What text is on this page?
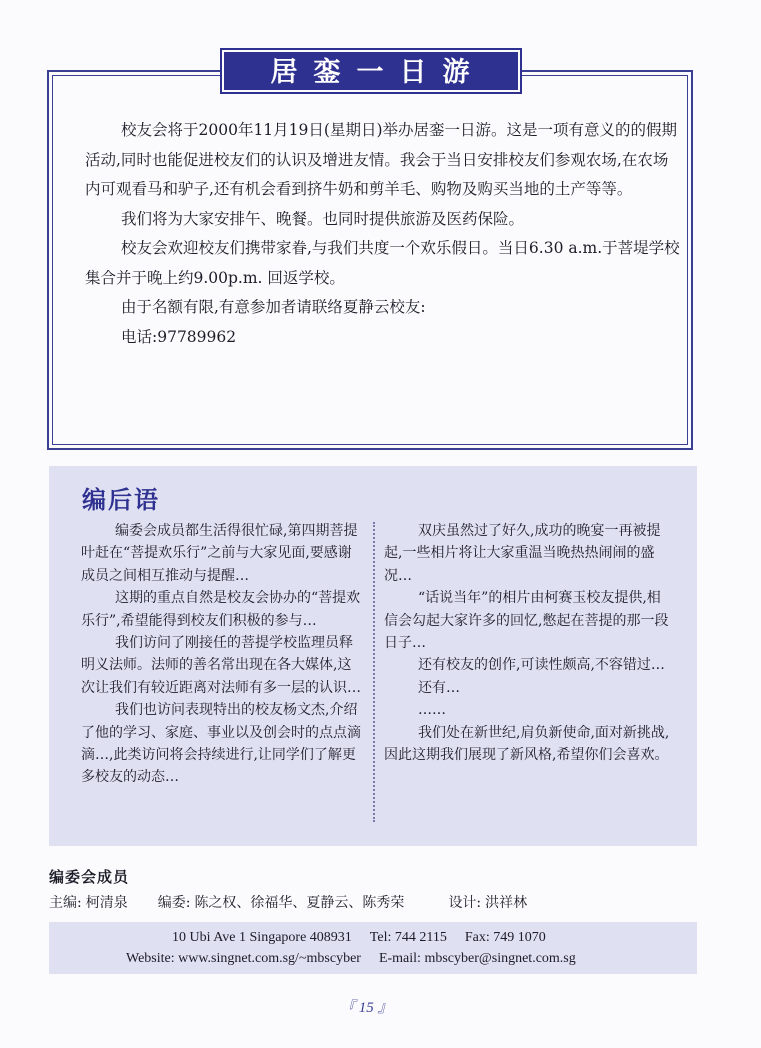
居銮一日游

校友会将于2000年11月19日(星期日)举办居銮一日游。这是一项有意义的的假期活动,同时也能促进校友们的认识及增进友情。我会于当日安排校友们参观农场,在农场内可观看马和驴子,还有机会看到挤牛奶和剪羊毛、购物及购买当地的土产等等。

我们将为大家安排午、晚餐。也同时提供旅游及医药保险。

校友会欢迎校友们携带家眷,与我们共度一个欢乐假日。当日6.30 a.m.于菩堤学校集合并于晚上约9.00p.m. 回返学校。

由于名额有限,有意参加者请联络夏静云校友:

电话:97789962

编后语

编委会成员都生活得很忙碌,第四期菩提叶赶在“菩提欢乐行”之前与大家见面,要感谢成员之间相互推动与提醒…

这期的重点自然是校友会协办的“菩提欢乐行”,希望能得到校友们积极的参与…

我们访问了刚接任的菩提学校监理员释明义法师。法师的善名常出现在各大媒体,这次让我们有较近距离对法师有多一层的认识…

我们也访问表现特出的校友杨文杰,介绍了他的学习、家庭、事业以及创会时的点点滴滴…,此类访问将会持续进行,让同学们了解更多校友的动态…

双庆虽然过了好久,成功的晚宴一再被提起,一些相片将让大家重温当晚热热闹闹的盛况…

“话说当年”的相片由柯赛玉校友提供,相信会勾起大家许多的回忆,憋起在菩提的那一段日子…

还有校友的创作,可读性颇高,不容错过…

还有…

……

我们处在新世纪,肩负新使命,面对新挑战,因此这期我们展现了新风格,希望你们会喜欢。

编委会成员
主编: 柯清泉 编委: 陈之权、徐福华、夏静云、陈秀荣	设计: 洪祥林
10 Ubi Ave 1 Singapore 408931 Tel: 744 2115 Fax: 749 1070
Website: www.singnet.com.sg/~mbscyber E-mail: mbscyber@singnet.com.sg
『 15 』
